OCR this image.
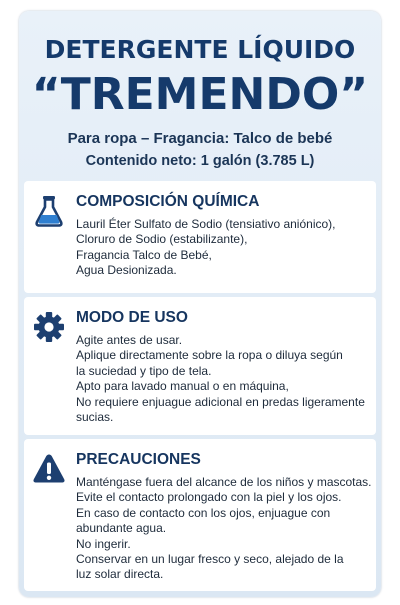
DETERGENTE LÍQUIDO
“TREMENDO”
Para ropa – Fragancia: Talco de bebé
Contenido neto: 1 galón (3.785 L)
COMPOSICIÓN QUÍMICA
Lauril Éter Sulfato de Sodio (tensiativo aniónico),
Cloruro de Sodio (estabilizante),
Fragancia Talco de Bebé,
Agua Desionizada.
MODO DE USO
Agite antes de usar.
Aplique directamente sobre la ropa o diluya según
la suciedad y tipo de tela.
Apto para lavado manual o en máquina,
No requiere enjuague adicional en predas ligeramente
sucias.
PRECAUCIONES
Manténgase fuera del alcance de los niños y mascotas.
Evite el contacto prolongado con la piel y los ojos.
En caso de contacto con los ojos, enjuague con
abundante agua.
No ingerir.
Conservar en un lugar fresco y seco, alejado de la
luz solar directa.
